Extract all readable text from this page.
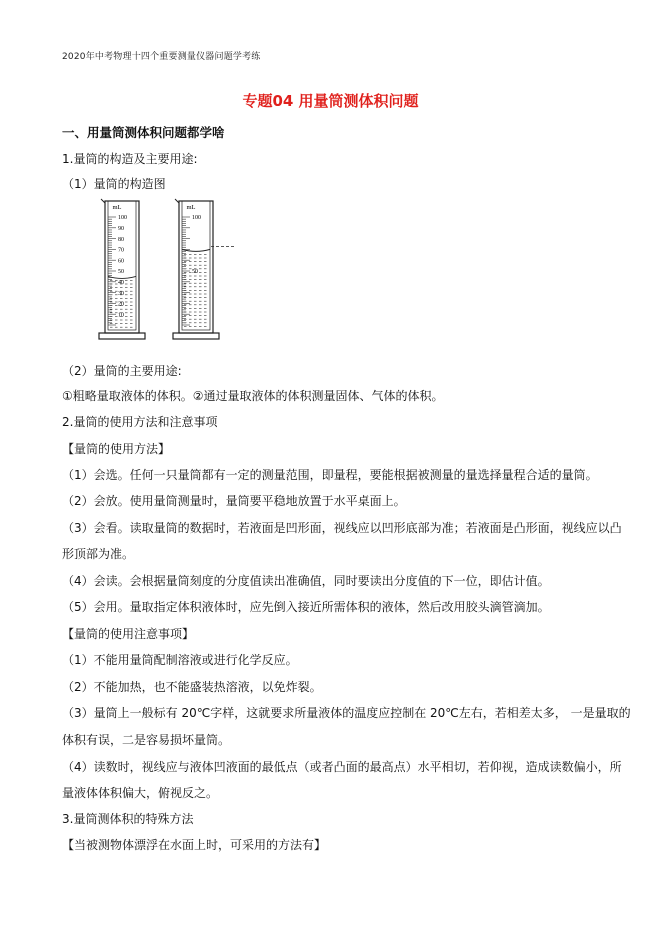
2020年中考物理十四个重要测量仪器问题学考练
专题04 用量筒测体积问题
一、用量筒测体积问题都学啥
1.量筒的构造及主要用途:
（1）量筒的构造图
mL
100
90
80
70
60
50
40
30
20
10
mL
100
50
（2）量筒的主要用途:
①粗略量取液体的体积。②通过量取液体的体积测量固体、气体的体积。
2.量筒的使用方法和注意事项
【量筒的使用方法】
（1）会选。任何一只量筒都有一定的测量范围，即量程，要能根据被测量的量选择量程合适的量筒。
（2）会放。使用量筒测量时，量筒要平稳地放置于水平桌面上。
（3）会看。读取量筒的数据时，若液面是凹形面，视线应以凹形底部为准；若液面是凸形面，视线应以凸
形顶部为准。
（4）会读。会根据量筒刻度的分度值读出准确值，同时要读出分度值的下一位，即估计值。
（5）会用。量取指定体积液体时，应先倒入接近所需体积的液体，然后改用胶头滴管滴加。
【量筒的使用注意事项】
（1）不能用量筒配制溶液或进行化学反应。
（2）不能加热，也不能盛装热溶液，以免炸裂。
（3）量筒上一般标有 20℃字样，这就要求所量液体的温度应控制在 20℃左右，若相差太多， 一是量取的
体积有误，二是容易损坏量筒。
（4）读数时，视线应与液体凹液面的最低点（或者凸面的最高点）水平相切，若仰视，造成读数偏小，所
量液体体积偏大，俯视反之。
3.量筒测体积的特殊方法
【当被测物体漂浮在水面上时，可采用的方法有】
